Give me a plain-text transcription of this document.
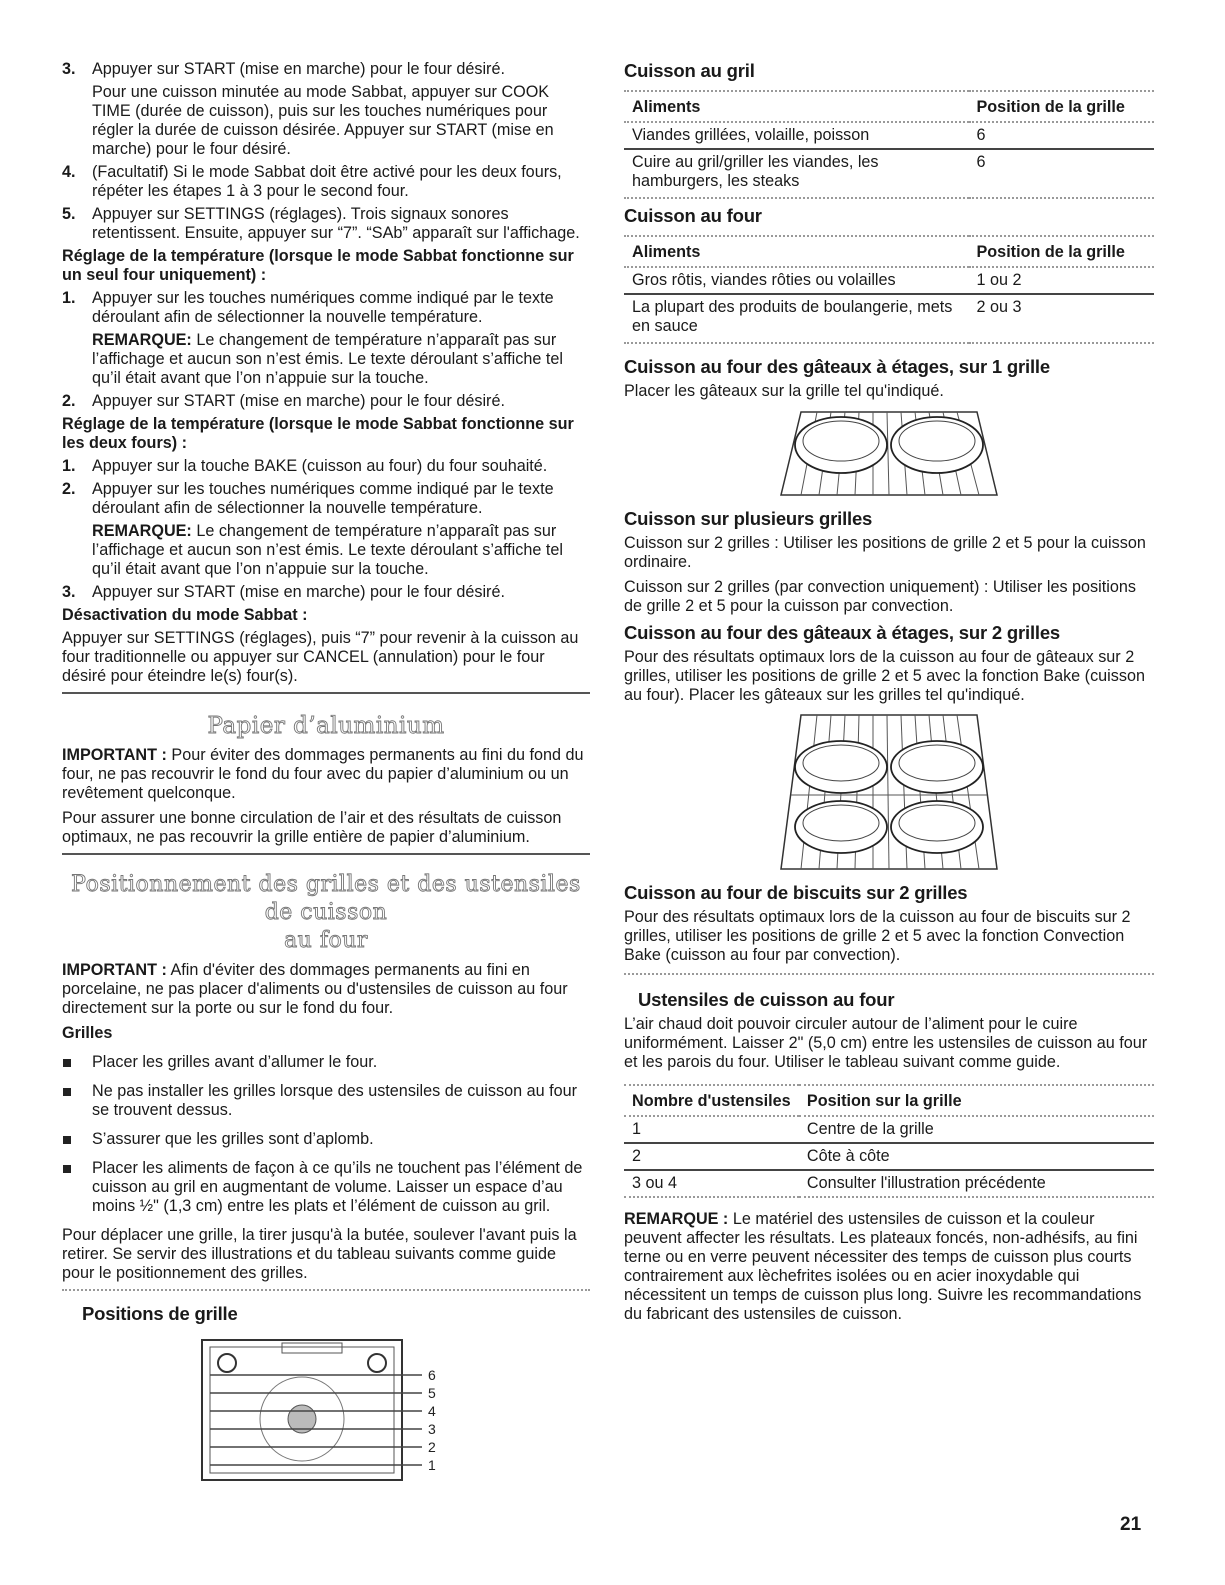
3.	Appuyer sur START (mise en marche) pour le four désiré.

Pour une cuisson minutée au mode Sabbat, appuyer sur COOK TIME (durée de cuisson), puis sur les touches numériques pour régler la durée de cuisson désirée. Appuyer sur START (mise en marche) pour le four désiré.

4.	(Facultatif) Si le mode Sabbat doit être activé pour les deux fours, répéter les étapes 1 à 3 pour le second four.
5.	Appuyer sur SETTINGS (réglages). Trois signaux sonores retentissent. Ensuite, appuyer sur “7”. “SAb” apparaît sur l'affichage.

Réglage de la température (lorsque le mode Sabbat fonctionne sur un seul four uniquement) :

1.	Appuyer sur les touches numériques comme indiqué par le texte déroulant afin de sélectionner la nouvelle température.

REMARQUE: Le changement de température n’apparaît pas sur l’affichage et aucun son n’est émis. Le texte déroulant s’affiche tel qu’il était avant que l’on n’appuie sur la touche.

2.	Appuyer sur START (mise en marche) pour le four désiré.

Réglage de la température (lorsque le mode Sabbat fonctionne sur les deux fours) :

1.	Appuyer sur la touche BAKE (cuisson au four) du four souhaité.
2.	Appuyer sur les touches numériques comme indiqué par le texte déroulant afin de sélectionner la nouvelle température.

REMARQUE: Le changement de température n’apparaît pas sur l’affichage et aucun son n’est émis. Le texte déroulant s’affiche tel qu’il était avant que l’on n’appuie sur la touche.

3.	Appuyer sur START (mise en marche) pour le four désiré.

Désactivation du mode Sabbat :

Appuyer sur SETTINGS (réglages), puis “7” pour revenir à la cuisson au four traditionnelle ou appuyer sur CANCEL (annulation) pour le four désiré pour éteindre le(s) four(s).

Papier d’aluminium

IMPORTANT : Pour éviter des dommages permanents au fini du fond du four, ne pas recouvrir le fond du four avec du papier d’aluminium ou un revêtement quelconque.

Pour assurer une bonne circulation de l’air et des résultats de cuisson optimaux, ne pas recouvrir la grille entière de papier d’aluminium.

Positionnement des grilles et des ustensiles de cuisson
au four

IMPORTANT : Afin d'éviter des dommages permanents au fini en porcelaine, ne pas placer d'aliments ou d'ustensiles de cuisson au four directement sur la porte ou sur le fond du four.

Grilles

Placer les grilles avant d’allumer le four.
Ne pas installer les grilles lorsque des ustensiles de cuisson au four se trouvent dessus.
S’assurer que les grilles sont d’aplomb.
Placer les aliments de façon à ce qu’ils ne touchent pas l’élément de cuisson au gril en augmentant de volume. Laisser un espace d’au moins ½" (1,3 cm) entre les plats et l’élément de cuisson au gril.

Pour déplacer une grille, la tirer jusqu'à la butée, soulever l'avant puis la retirer. Se servir des illustrations et du tableau suivants comme guide pour le positionnement des grilles.

Positions de grille
6
5
4
3
2
1
Cuisson au gril
Aliments	Position de la grille
Viandes grillées, volaille, poisson	6
Cuire au gril/griller les viandes, les hamburgers, les steaks	6
Cuisson au four
Aliments	Position de la grille
Gros rôtis, viandes rôties ou volailles	1 ou 2
La plupart des produits de boulangerie, mets en sauce	2 ou 3
Cuisson au four des gâteaux à étages, sur 1 grille

Placer les gâteaux sur la grille tel qu'indiqué.

Cuisson sur plusieurs grilles

Cuisson sur 2 grilles : Utiliser les positions de grille 2 et 5 pour la cuisson ordinaire.

Cuisson sur 2 grilles (par convection uniquement) : Utiliser les positions de grille 2 et 5 pour la cuisson par convection.

Cuisson au four des gâteaux à étages, sur 2 grilles

Pour des résultats optimaux lors de la cuisson au four de gâteaux sur 2 grilles, utiliser les positions de grille 2 et 5 avec la fonction Bake (cuisson au four). Placer les gâteaux sur les grilles tel qu'indiqué.

Cuisson au four de biscuits sur 2 grilles

Pour des résultats optimaux lors de la cuisson au four de biscuits sur 2 grilles, utiliser les positions de grille 2 et 5 avec la fonction Convection Bake (cuisson au four par convection).

Ustensiles de cuisson au four

L’air chaud doit pouvoir circuler autour de l’aliment pour le cuire uniformément. Laisser 2" (5,0 cm) entre les ustensiles de cuisson au four et les parois du four. Utiliser le tableau suivant comme guide.

Nombre d'ustensiles	Position sur la grille
1	Centre de la grille
2	Côte à côte
3 ou 4	Consulter l'illustration précédente

REMARQUE : Le matériel des ustensiles de cuisson et la couleur peuvent affecter les résultats. Les plateaux foncés, non-adhésifs, au fini terne ou en verre peuvent nécessiter des temps de cuisson plus courts contrairement aux lèchefrites isolées ou en acier inoxydable qui nécessitent un temps de cuisson plus long. Suivre les recommandations du fabricant des ustensiles de cuisson.

21
